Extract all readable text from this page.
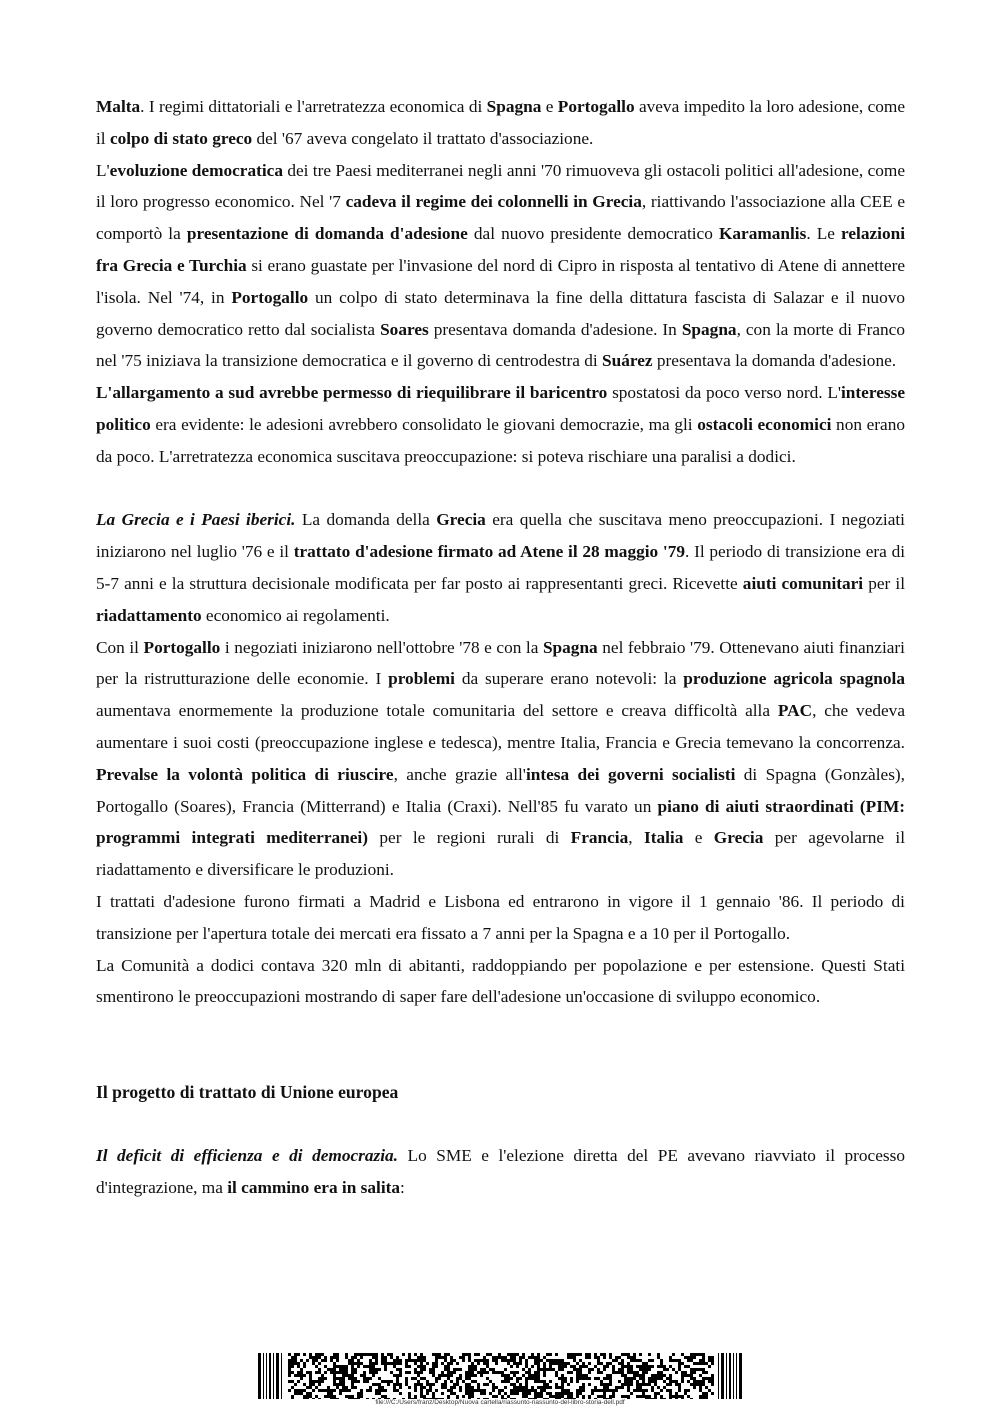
Malta. I regimi dittatoriali e l'arretratezza economica di Spagna e Portogallo aveva impedito la loro adesione, come il colpo di stato greco del '67 aveva congelato il trattato d'associazione.

L'evoluzione democratica dei tre Paesi mediterranei negli anni '70 rimuoveva gli ostacoli politici all'adesione, come il loro progresso economico. Nel '7 cadeva il regime dei colonnelli in Grecia, riattivando l'associazione alla CEE e comportò la presentazione di domanda d'adesione dal nuovo presidente democratico Karamanlis. Le relazioni fra Grecia e Turchia si erano guastate per l'invasione del nord di Cipro in risposta al tentativo di Atene di annettere l'isola. Nel '74, in Portogallo un colpo di stato determinava la fine della dittatura fascista di Salazar e il nuovo governo democratico retto dal socialista Soares presentava domanda d'adesione. In Spagna, con la morte di Franco nel '75 iniziava la transizione democratica e il governo di centrodestra di Suárez presentava la domanda d'adesione.

L'allargamento a sud avrebbe permesso di riequilibrare il baricentro spostatosi da poco verso nord. L'interesse politico era evidente: le adesioni avrebbero consolidato le giovani democrazie, ma gli ostacoli economici non erano da poco. L'arretratezza economica suscitava preoccupazione: si poteva rischiare una paralisi a dodici.

La Grecia e i Paesi iberici. La domanda della Grecia era quella che suscitava meno preoccupazioni. I negoziati iniziarono nel luglio '76 e il trattato d'adesione firmato ad Atene il 28 maggio '79. Il periodo di transizione era di 5-7 anni e la struttura decisionale modificata per far posto ai rappresentanti greci. Ricevette aiuti comunitari per il riadattamento economico ai regolamenti.

Con il Portogallo i negoziati iniziarono nell'ottobre '78 e con la Spagna nel febbraio '79. Ottenevano aiuti finanziari per la ristrutturazione delle economie. I problemi da superare erano notevoli: la produzione agricola spagnola aumentava enormemente la produzione totale comunitaria del settore e creava difficoltà alla PAC, che vedeva aumentare i suoi costi (preoccupazione inglese e tedesca), mentre Italia, Francia e Grecia temevano la concorrenza. Prevalse la volontà politica di riuscire, anche grazie all'intesa dei governi socialisti di Spagna (Gonzàles), Portogallo (Soares), Francia (Mitterrand) e Italia (Craxi). Nell'85 fu varato un piano di aiuti straordinati (PIM: programmi integrati mediterranei) per le regioni rurali di Francia, Italia e Grecia per agevolarne il riadattamento e diversificare le produzioni.

I trattati d'adesione furono firmati a Madrid e Lisbona ed entrarono in vigore il 1 gennaio '86. Il periodo di transizione per l'apertura totale dei mercati era fissato a 7 anni per la Spagna e a 10 per il Portogallo.

La Comunità a dodici contava 320 mln di abitanti, raddoppiando per popolazione e per estensione. Questi Stati smentirono le preoccupazioni mostrando di saper fare dell'adesione un'occasione di sviluppo economico.

Il progetto di trattato di Unione europea

Il deficit di efficienza e di democrazia. Lo SME e l'elezione diretta del PE avevano riavviato il processo d'integrazione, ma il cammino era in salita:

file:///C:/Users/franz/Desktop/Nuova cartella/riassunto-riassunto-del-libro-storia-dell.pdf
